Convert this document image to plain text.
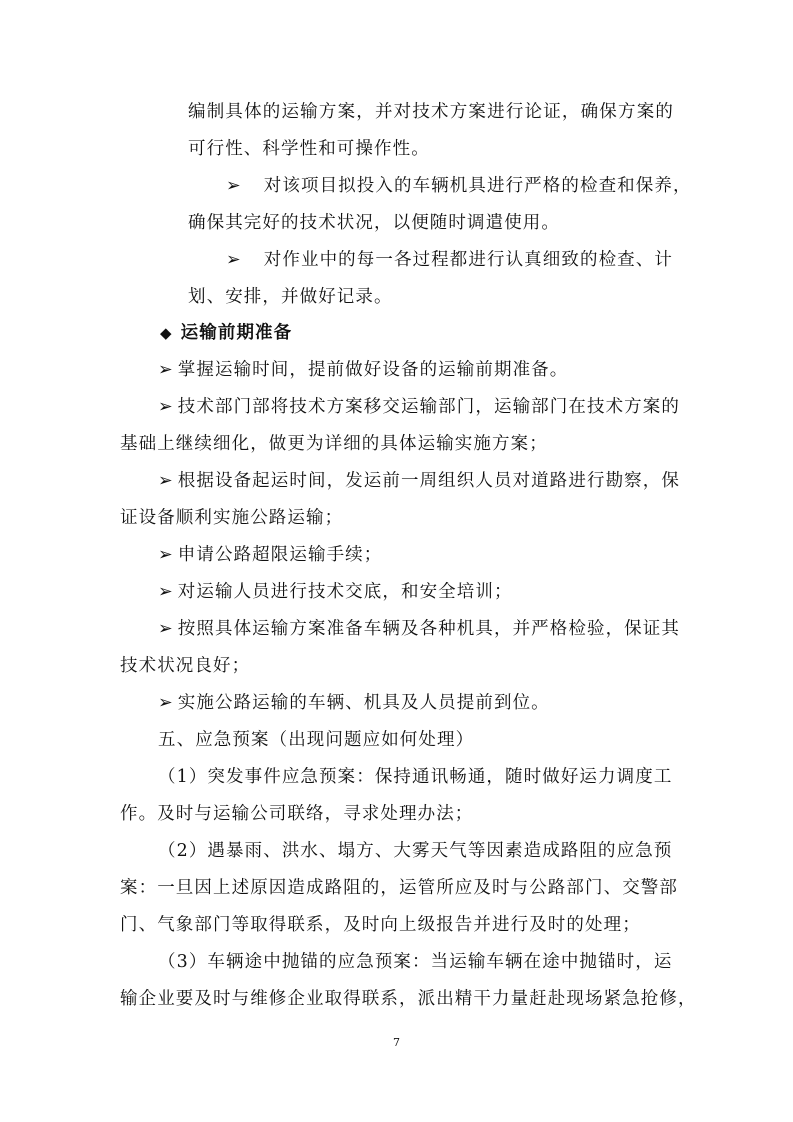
编制具体的运输方案，并对技术方案进行论证，确保方案的
可行性、科学性和可操作性。
➢ 对该项目拟投入的车辆机具进行严格的检查和保养，
确保其完好的技术状况，以便随时调遣使用。
➢ 对作业中的每一各过程都进行认真细致的检查、计
划、安排，并做好记录。
◆ 运输前期准备
➢ 掌握运输时间，提前做好设备的运输前期准备。
➢ 技术部门部将技术方案移交运输部门，运输部门在技术方案的
基础上继续细化，做更为详细的具体运输实施方案；
➢ 根据设备起运时间，发运前一周组织人员对道路进行勘察，保
证设备顺利实施公路运输；
➢ 申请公路超限运输手续；
➢ 对运输人员进行技术交底，和安全培训；
➢ 按照具体运输方案准备车辆及各种机具，并严格检验，保证其
技术状况良好；
➢ 实施公路运输的车辆、机具及人员提前到位。
五、应急预案（出现问题应如何处理）
（1）突发事件应急预案：保持通讯畅通，随时做好运力调度工
作。及时与运输公司联络，寻求处理办法；
（2）遇暴雨、洪水、塌方、大雾天气等因素造成路阻的应急预
案：一旦因上述原因造成路阻的，运管所应及时与公路部门、交警部
门、气象部门等取得联系，及时向上级报告并进行及时的处理；
（3）车辆途中抛锚的应急预案：当运输车辆在途中抛锚时，运
输企业要及时与维修企业取得联系，派出精干力量赶赴现场紧急抢修，
7
